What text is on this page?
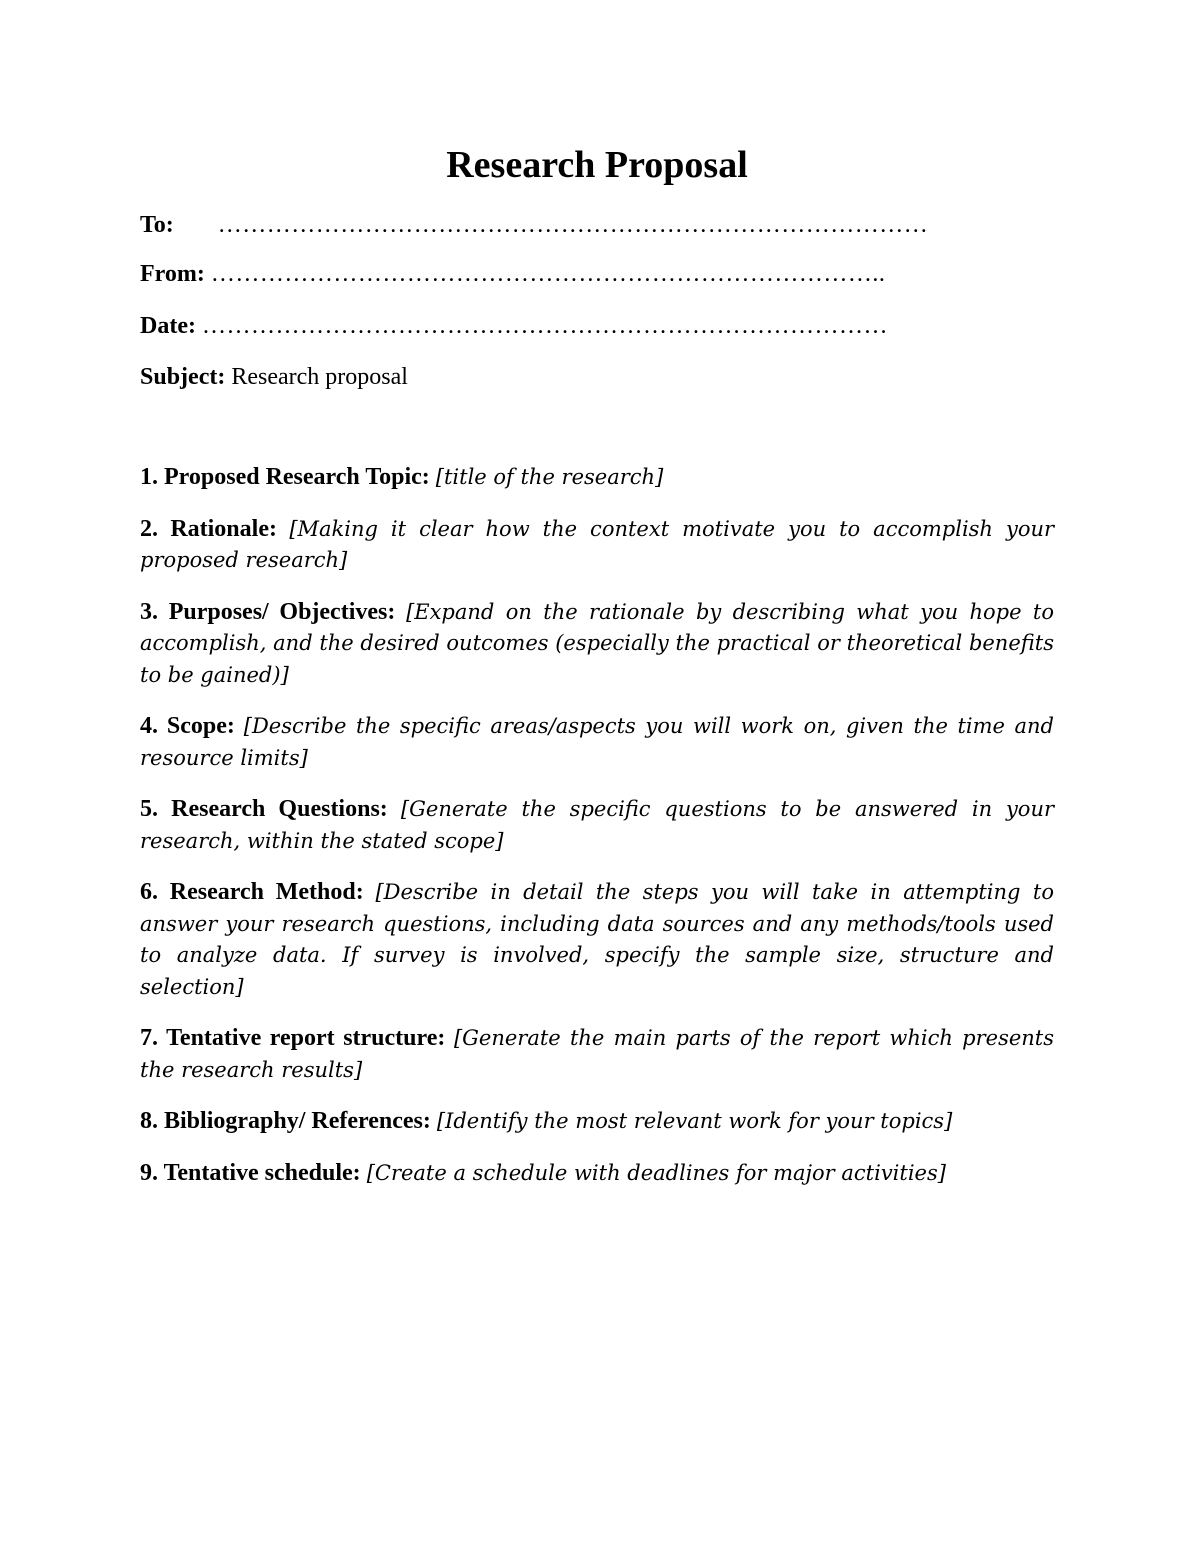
Research Proposal
To: ……………………………………………………………………………
From: ………………………………………………………………………..
Date: …………………………………………………………………………
Subject: Research proposal

1. Proposed Research Topic: [title of the research]

2. Rationale: [Making it clear how the context motivate you to accomplish your proposed research]

3. Purposes/ Objectives: [Expand on the rationale by describing what you hope to accomplish, and the desired outcomes (especially the practical or theoretical benefits to be gained)]

4. Scope: [Describe the specific areas/aspects you will work on, given the time and resource limits]

5. Research Questions: [Generate the specific questions to be answered in your research, within the stated scope]

6. Research Method: [Describe in detail the steps you will take in attempting to answer your research questions, including data sources and any methods/tools used to analyze data. If survey is involved, specify the sample size, structure and selection]

7. Tentative report structure: [Generate the main parts of the report which presents the research results]

8. Bibliography/ References: [Identify the most relevant work for your topics]

9. Tentative schedule: [Create a schedule with deadlines for major activities]
